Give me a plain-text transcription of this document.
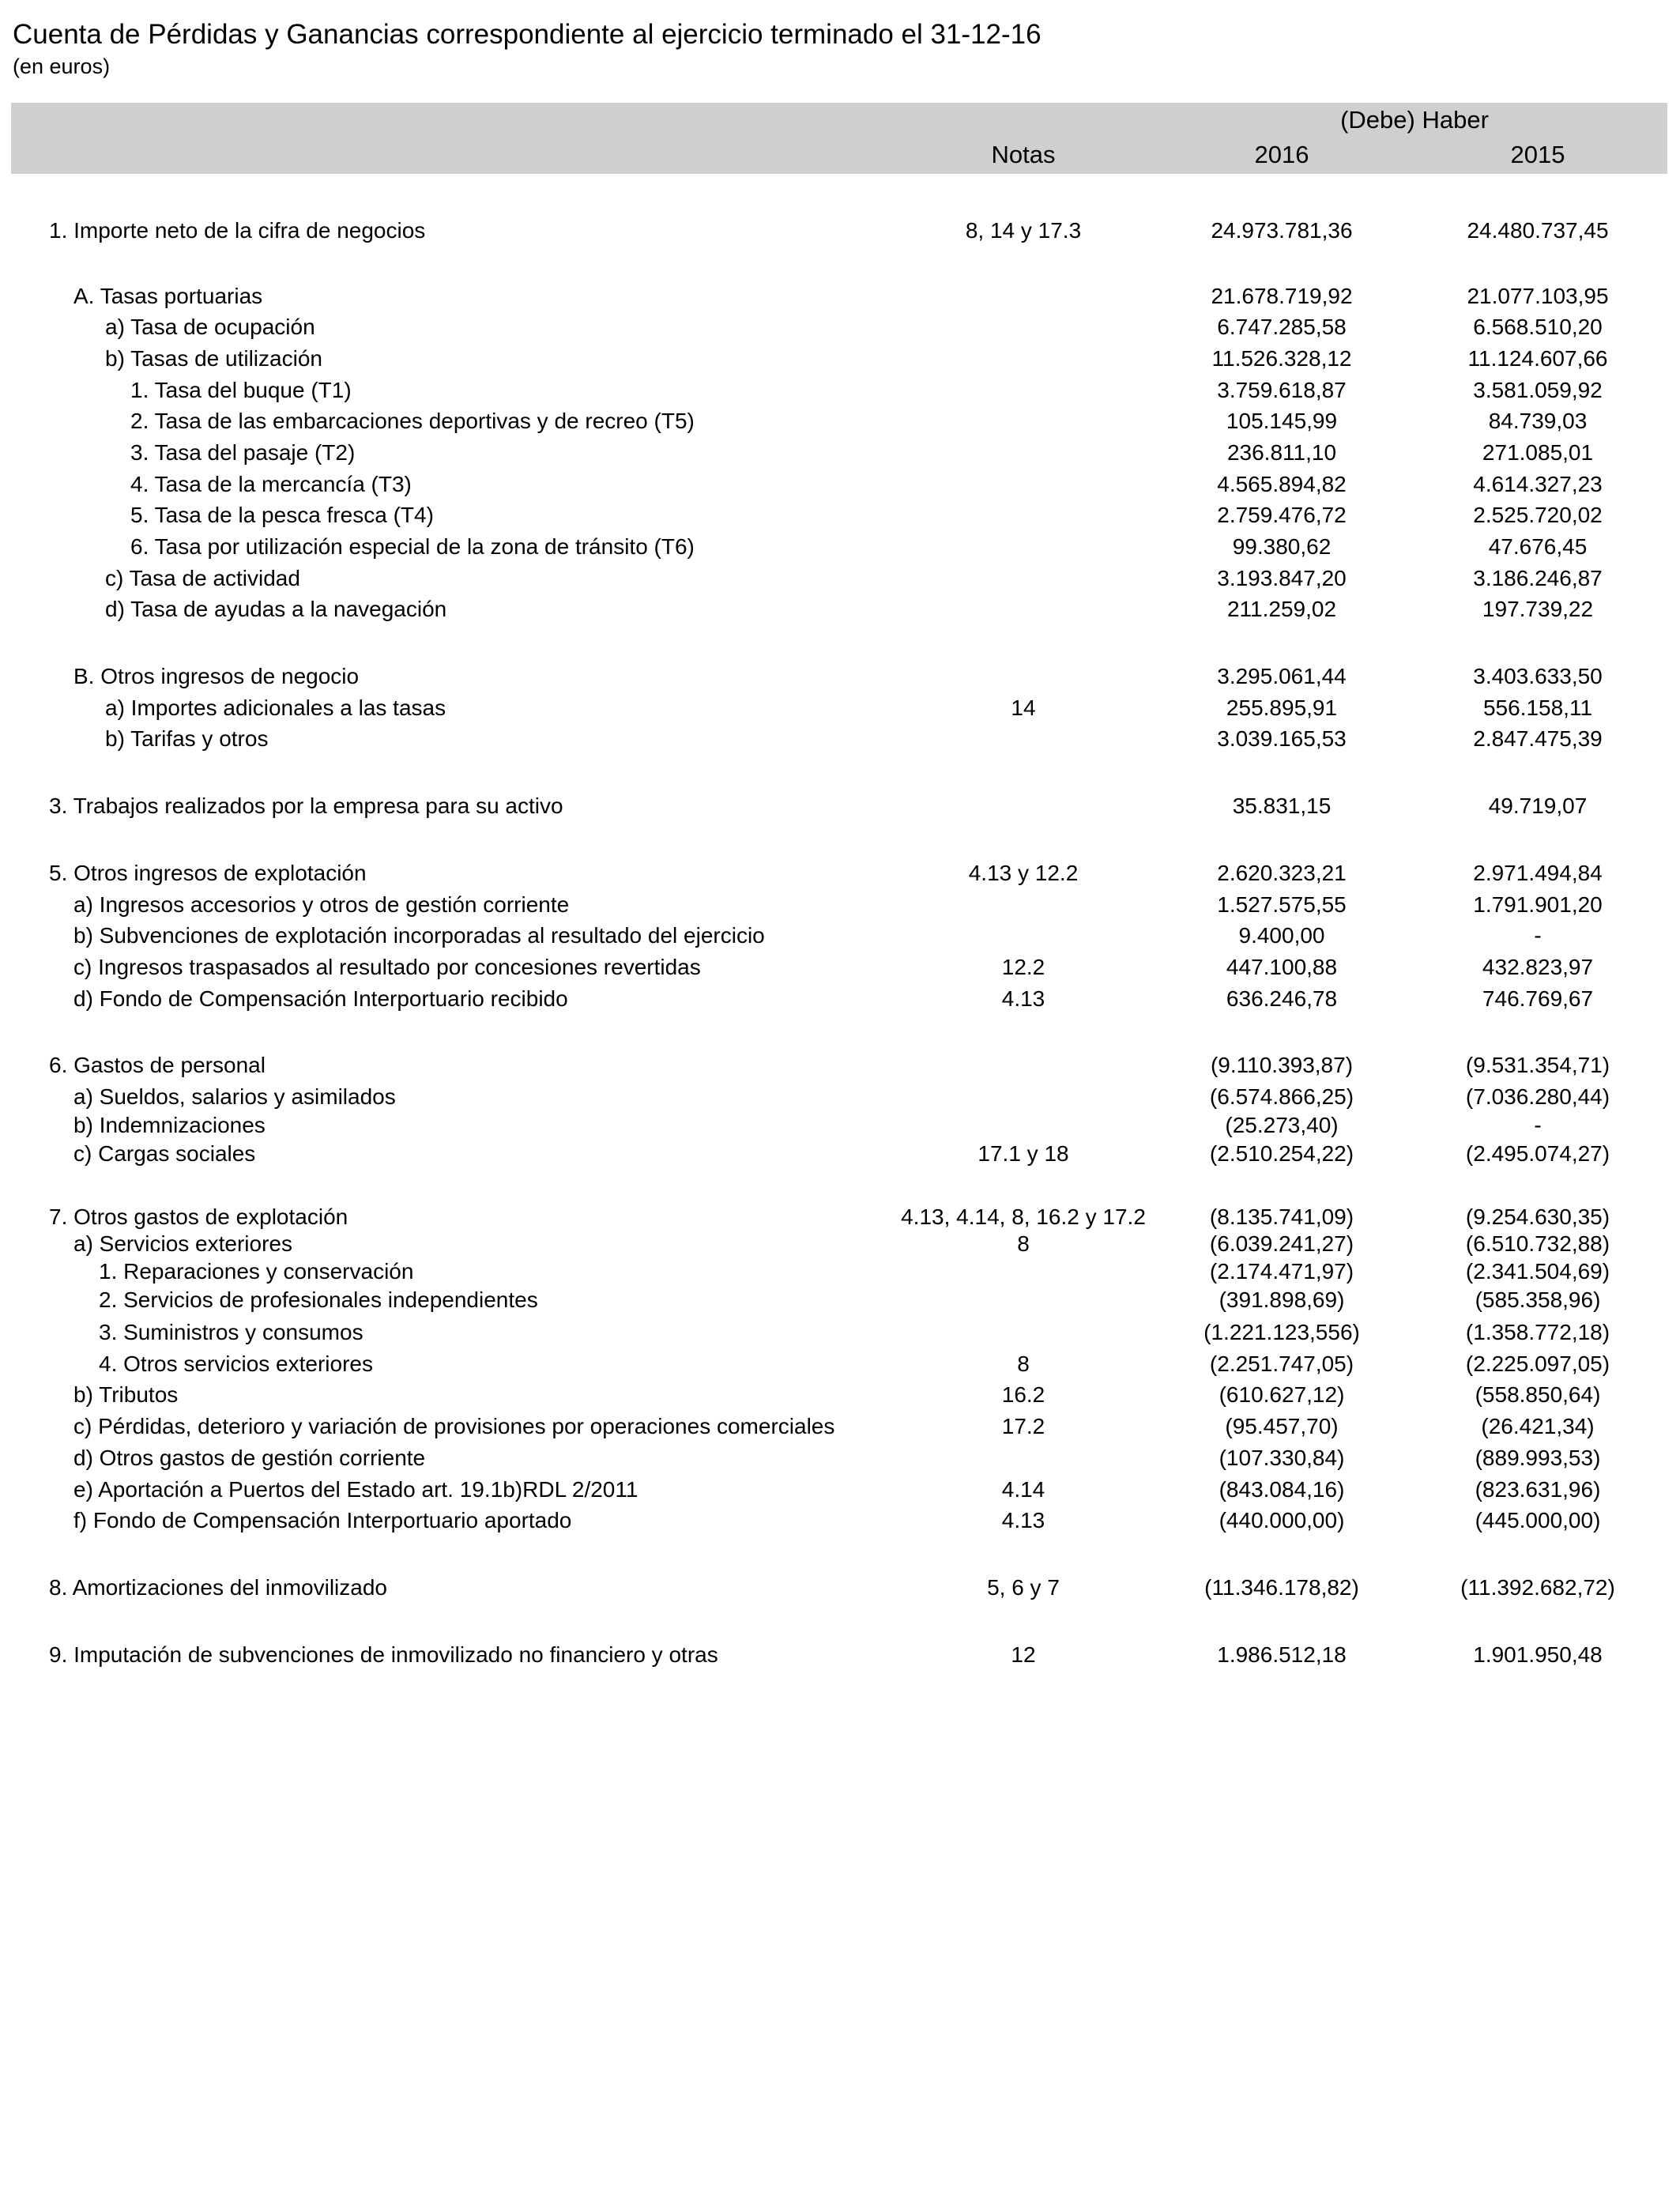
Cuenta de Pérdidas y Ganancias correspondiente al ejercicio terminado el 31-12-16
(en euros)
(Debe) Haber
Notas	2016	2015
1. Importe neto de la cifra de negocios	8, 14 y 17.3	24.973.781,36	24.480.737,45
A. Tasas portuarias	21.678.719,92	21.077.103,95
a) Tasa de ocupación	6.747.285,58	6.568.510,20
b) Tasas de utilización	11.526.328,12	11.124.607,66
1. Tasa del buque (T1)	3.759.618,87	3.581.059,92
2. Tasa de las embarcaciones deportivas y de recreo (T5)	105.145,99	84.739,03
3. Tasa del pasaje (T2)	236.811,10	271.085,01
4. Tasa de la mercancía (T3)	4.565.894,82	4.614.327,23
5. Tasa de la pesca fresca (T4)	2.759.476,72	2.525.720,02
6. Tasa por utilización especial de la zona de tránsito (T6)	99.380,62	47.676,45
c) Tasa de actividad	3.193.847,20	3.186.246,87
d) Tasa de ayudas a la navegación	211.259,02	197.739,22
B. Otros ingresos de negocio	3.295.061,44	3.403.633,50
a) Importes adicionales a las tasas	14	255.895,91	556.158,11
b) Tarifas y otros	3.039.165,53	2.847.475,39
3. Trabajos realizados por la empresa para su activo	35.831,15	49.719,07
5. Otros ingresos de explotación	4.13 y 12.2	2.620.323,21	2.971.494,84
a) Ingresos accesorios y otros de gestión corriente	1.527.575,55	1.791.901,20
b) Subvenciones de explotación incorporadas al resultado del ejercicio	9.400,00	-
c) Ingresos traspasados al resultado por concesiones revertidas	12.2	447.100,88	432.823,97
d) Fondo de Compensación Interportuario recibido	4.13	636.246,78	746.769,67
6. Gastos de personal	(9.110.393,87)	(9.531.354,71)
a) Sueldos, salarios y asimilados	(6.574.866,25)	(7.036.280,44)
b) Indemnizaciones	(25.273,40)	-
c) Cargas sociales	17.1 y 18	(2.510.254,22)	(2.495.074,27)
7. Otros gastos de explotación	4.13, 4.14, 8, 16.2 y 17.2	(8.135.741,09)	(9.254.630,35)
a) Servicios exteriores	8	(6.039.241,27)	(6.510.732,88)
1. Reparaciones y conservación	(2.174.471,97)	(2.341.504,69)
2. Servicios de profesionales independientes	(391.898,69)	(585.358,96)
3. Suministros y consumos	(1.221.123,556)	(1.358.772,18)
4. Otros servicios exteriores	8	(2.251.747,05)	(2.225.097,05)
b) Tributos	16.2	(610.627,12)	(558.850,64)
c) Pérdidas, deterioro y variación de provisiones por operaciones comerciales	17.2	(95.457,70)	(26.421,34)
d) Otros gastos de gestión corriente	(107.330,84)	(889.993,53)
e) Aportación a Puertos del Estado art. 19.1b)RDL 2/2011	4.14	(843.084,16)	(823.631,96)
f) Fondo de Compensación Interportuario aportado	4.13	(440.000,00)	(445.000,00)
8. Amortizaciones del inmovilizado	5, 6 y 7	(11.346.178,82)	(11.392.682,72)
9. Imputación de subvenciones de inmovilizado no financiero y otras	12	1.986.512,18	1.901.950,48
